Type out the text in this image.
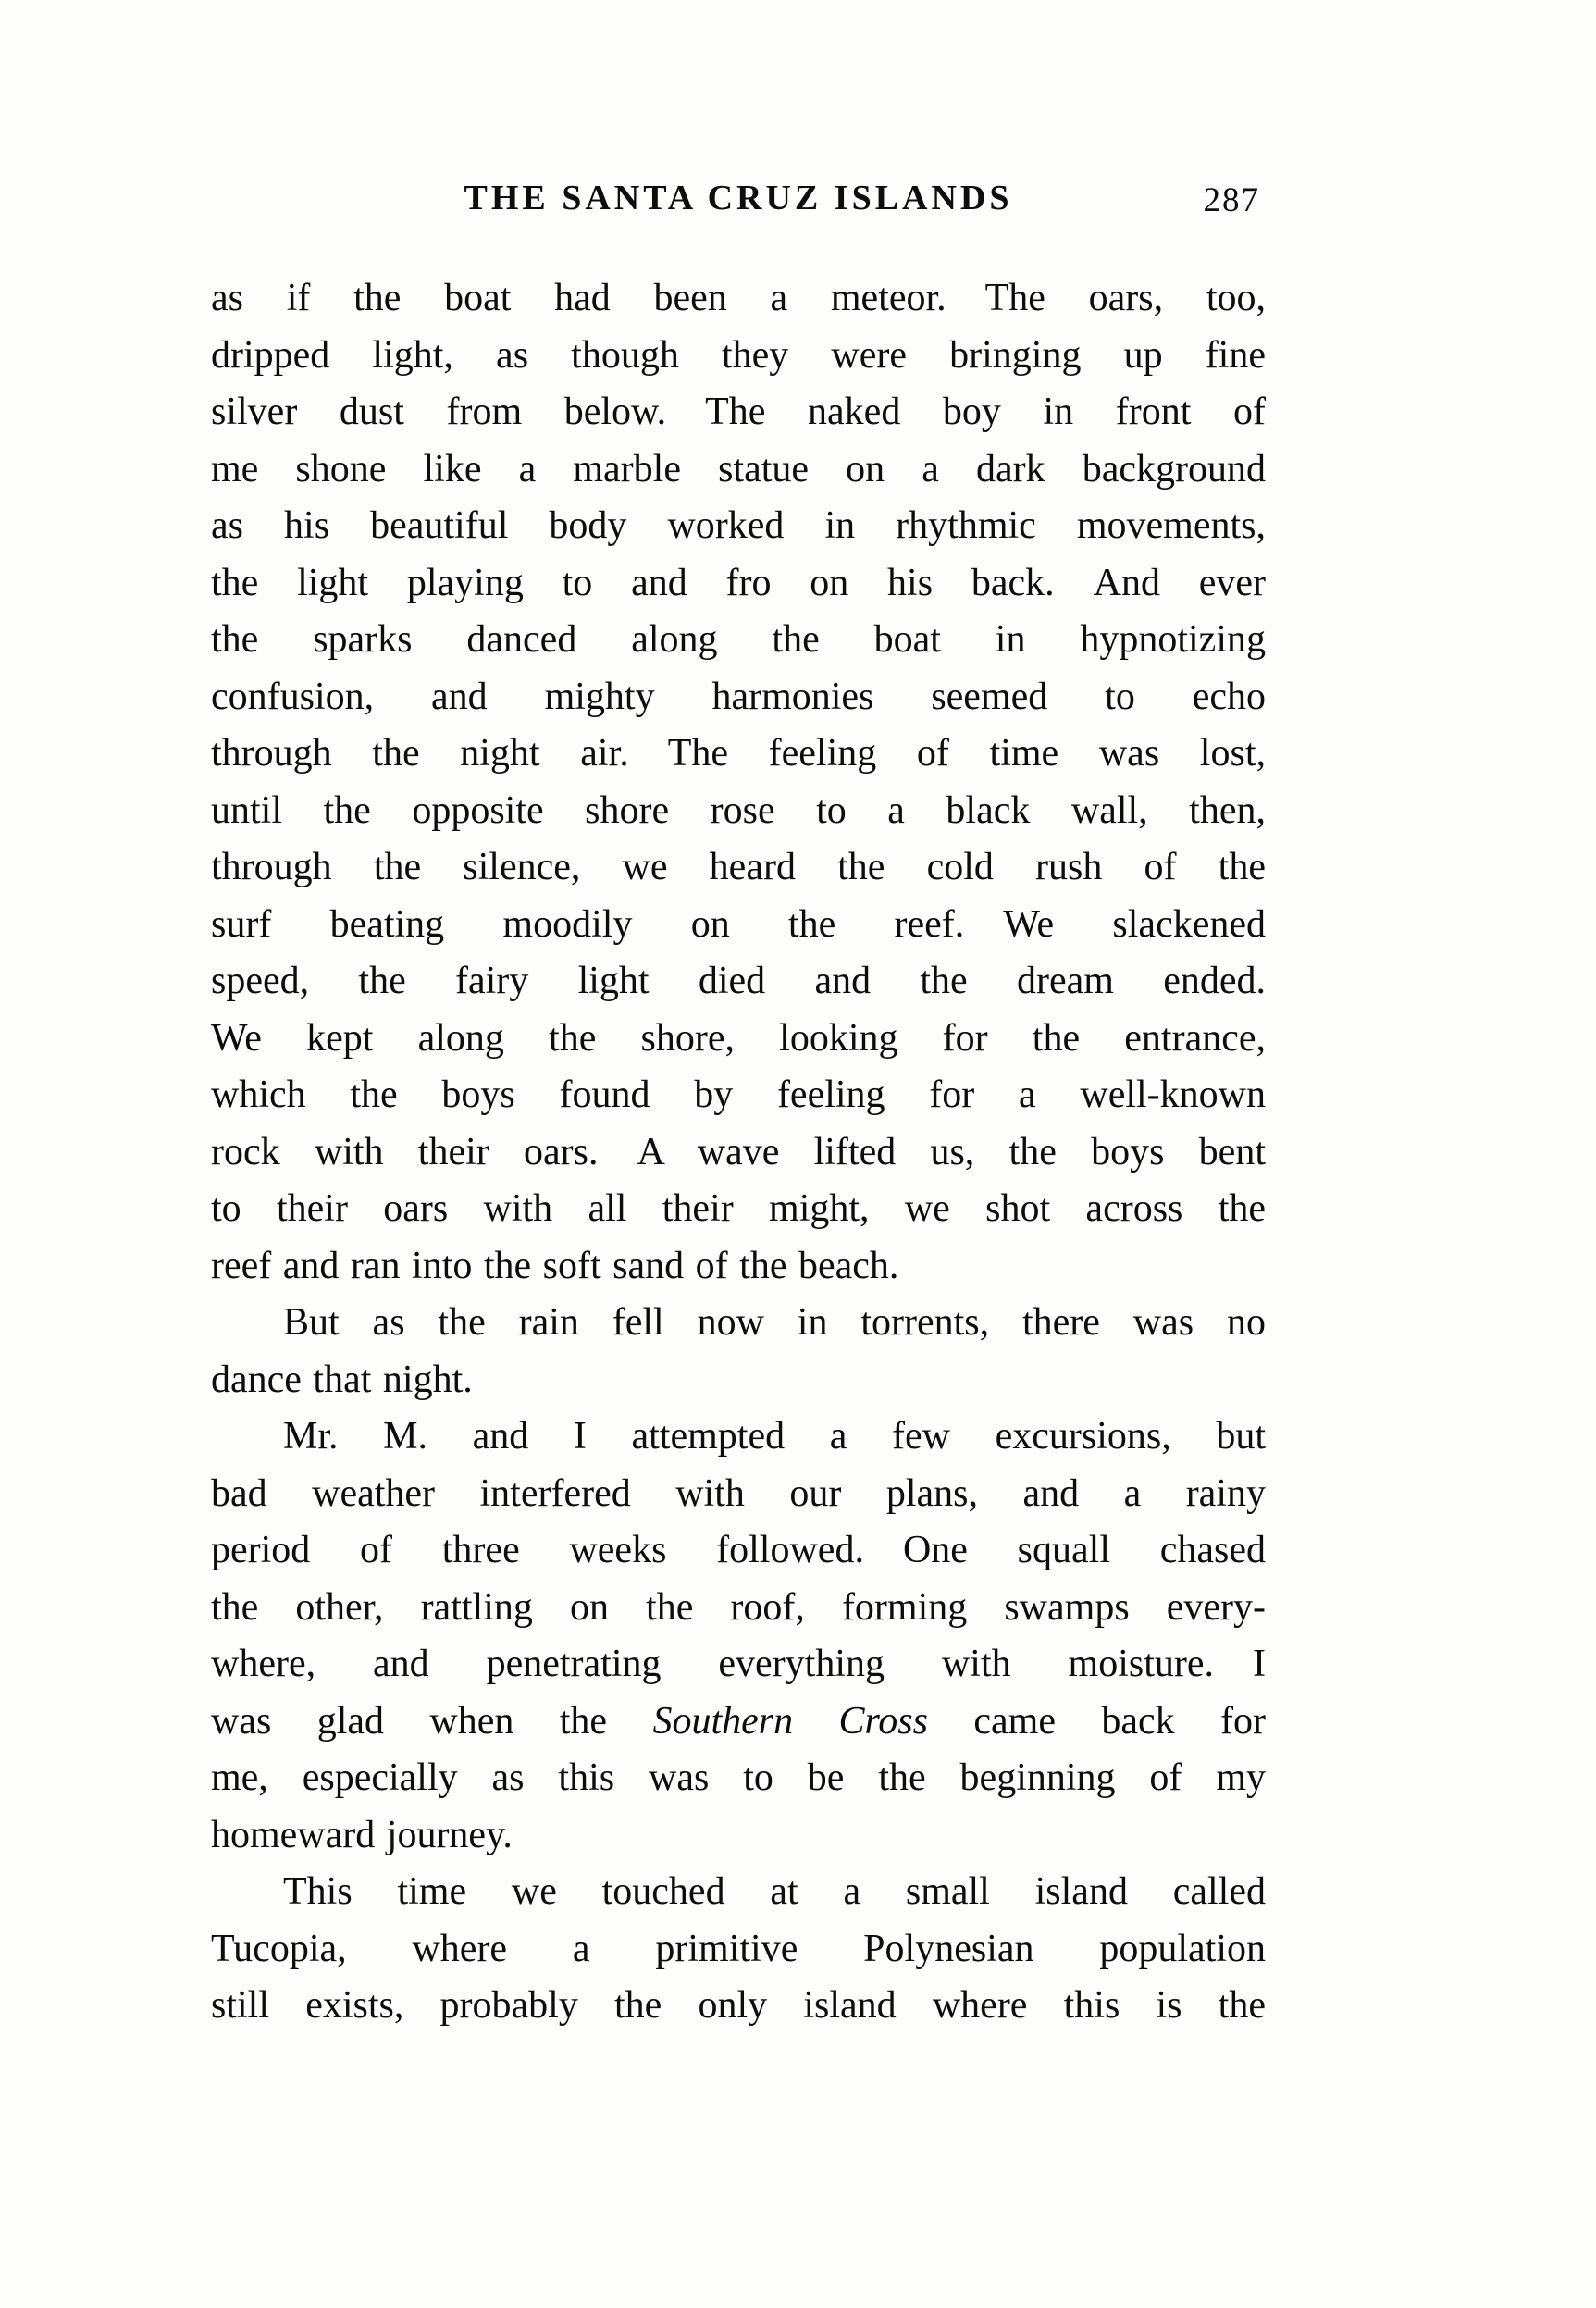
THE SANTA CRUZ ISLANDS	287
as if the boat had been a meteor. The oars, too,
dripped light, as though they were bringing up fine
silver dust from below. The naked boy in front of
me shone like a marble statue on a dark background
as his beautiful body worked in rhythmic movements,
the light playing to and fro on his back. And ever
the sparks danced along the boat in hypnotizing
confusion, and mighty harmonies seemed to echo
through the night air. The feeling of time was lost,
until the opposite shore rose to a black wall, then,
through the silence, we heard the cold rush of the
surf beating moodily on the reef. We slackened
speed, the fairy light died and the dream ended.
We kept along the shore, looking for the entrance,
which the boys found by feeling for a well-known
rock with their oars. A wave lifted us, the boys bent
to their oars with all their might, we shot across the
reef and ran into the soft sand of the beach.
But as the rain fell now in torrents, there was no
dance that night.
Mr. M. and I attempted a few excursions, but
bad weather interfered with our plans, and a rainy
period of three weeks followed. One squall chased
the other, rattling on the roof, forming swamps every-
where, and penetrating everything with moisture. I
was glad when the Southern Cross came back for
me, especially as this was to be the beginning of my
homeward journey.
This time we touched at a small island called
Tucopia, where a primitive Polynesian population
still exists, probably the only island where this is the
